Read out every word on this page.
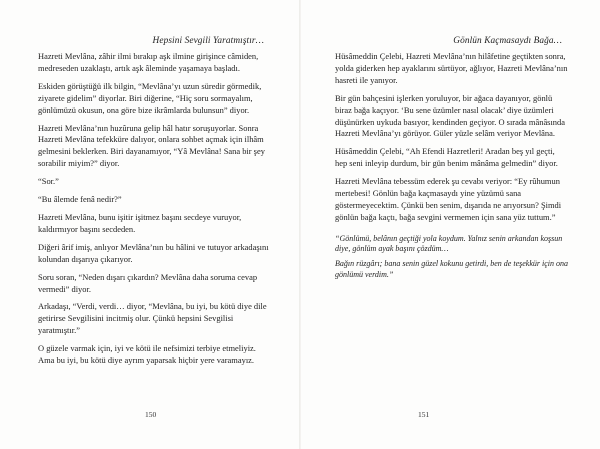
Hepsini Sevgili Yaratmıştır…

Hazreti Mevlâna, zâhir ilmi bırakıp aşk ilmine girişince câmiden, medreseden uzaklaştı, artık aşk âleminde yaşamaya başladı.

Eskiden görüştüğü ilk bilgin, “Mevlâna’yı uzun süredir görmedik, ziyarete gidelim” diyorlar. Biri diğerine, “Hiç soru sormayalım, gönlümüzü okusun, ona göre bize ikrâmlarda bulunsun” diyor.

Hazreti Mevlâna’nın huzûruna gelip hâl hatır soruşuyorlar. Sonra Hazreti Mevlâna tefekküre dalıyor, onlara sohbet açmak için ilhâm gelmesini beklerken. Biri dayanamıyor, “Yâ Mevlâna! Sana bir şey sorabilir miyim?” diyor.

“Sor.”

“Bu âlemde fenâ nedir?”

Hazreti Mevlâna, bunu işitir işitmez başını secdeye vuruyor, kaldırmıyor başını secdeden.

Diğeri ârif imiş, anlıyor Mevlâna’nın bu hâlini ve tutuyor arkadaşını kolundan dışarıya çıkarıyor.

Soru soran, “Neden dışarı çıkardın? Mevlâna daha soruma cevap vermedi” diyor.

Arkadaşı, “Verdi, verdi… diyor, “Mevlâna, bu iyi, bu kötü diye dile getirirse Sevgilisini incitmiş olur. Çünkü hepsini Sevgilisi yaratmıştır.”

O güzele varmak için, iyi ve kötü ile nefsimizi terbiye etmeliyiz. Ama bu iyi, bu kötü diye ayrım yaparsak hiçbir yere varamayız.

150
Gönlün Kaçmasaydı Bağa…

Hüsâmeddin Çelebi, Hazreti Mevlâna’nın hilâfetine geçtikten sonra, yolda giderken hep ayaklarını sürtüyor, ağlıyor, Hazreti Mevlâna’nın hasreti ile yanıyor.

Bir gün bahçesini işlerken yoruluyor, bir ağaca dayanıyor, gönlü biraz bağa kaçıyor. ‘Bu sene üzümler nasıl olacak’ diye üzümleri düşünürken uykuda basıyor, kendinden geçiyor. O sırada mânâsında Hazreti Mevlâna’yı görüyor. Güler yüzle selâm veriyor Mevlâna.

Hüsâmeddin Çelebi, “Ah Efendi Hazretleri! Aradan beş yıl geçti, hep seni inleyip durdum, bir gün benim mânâma gelmedin” diyor.

Hazreti Mevlâna tebessüm ederek şu cevabı veriyor: “Ey rûhumun mertebesi! Gönlün bağa kaçmasaydı yine yüzümü sana göstermeyecektim. Çünkü ben senim, dışarıda ne arıyorsun? Şimdi gönlün bağa kaçtı, bağa sevgini vermemen için sana yüz tuttum.”

“Gönlümü, belânın geçtiği yola koydum. Yalnız senin arkandan koşsun diye, gönlüm ayak başını çözdüm…

Bağın rüzgârı; bana senin güzel kokunu getirdi, ben de teşekkür için ona gönlümü verdim.”

151
